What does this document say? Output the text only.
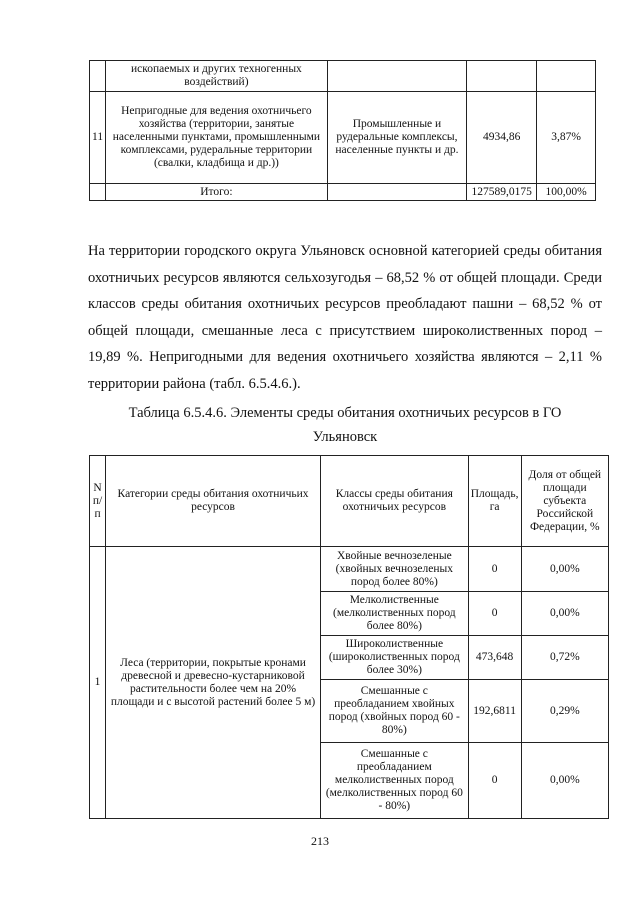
	ископаемых и других техногенных воздействий)			
11	Непригодные для ведения охотничьего хозяйства (территории, занятые населенными пунктами, промышленными комплексами, рудеральные территории (свалки, кладбища и др.))	Промышленные и рудеральные комплексы, населенные пункты и др.	4934,86	3,87%
	Итого:		127589,0175	100,00%

На территории городского округа Ульяновск основной категорией среды обитания охотничьих ресурсов являются сельхозугодья – 68,52 % от общей площади. Среди классов среды обитания охотничьих ресурсов преобладают пашни – 68,52 % от общей площади, смешанные леса с присутствием широколиственных пород – 19,89 %. Непригодными для ведения охотничьего хозяйства являются – 2,11 % территории района (табл. 6.5.4.6.).

Таблица 6.5.4.6. Элементы среды обитания охотничьих ресурсов в ГО

Ульяновск

N п/п	Категории среды обитания охотничьих ресурсов	Классы среды обитания охотничьих ресурсов	Площадь, га	Доля от общей площади субъекта Российской Федерации, %
1	Леса (территории, покрытые кронами древесной и древесно-кустарниковой растительности более чем на 20% площади и с высотой растений более 5 м)	Хвойные вечнозеленые (хвойных вечнозеленых пород более 80%)	0	0,00%
		Мелколиственные (мелколиственных пород более 80%)	0	0,00%
		Широколиственные (широколиственных пород более 30%)	473,648	0,72%
		Смешанные с преобладанием хвойных пород (хвойных пород 60 - 80%)	192,6811	0,29%
		Смешанные с преобладанием мелколиственных пород (мелколиственных пород 60 - 80%)	0	0,00%

213
